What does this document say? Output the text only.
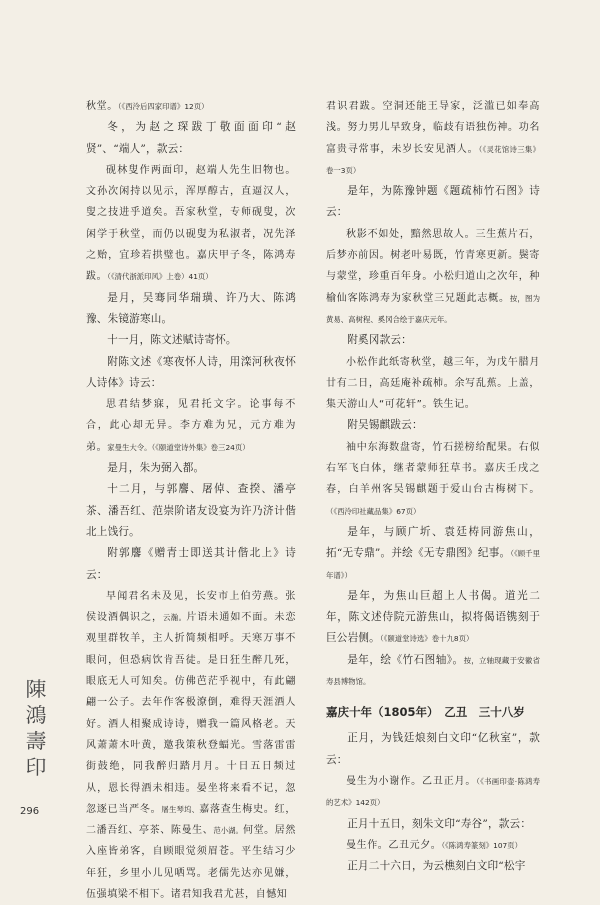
秋堂。（《西泠后四家印谱》12页）
冬，为赵之琛跋丁敬面面印“赵贤”、“端人”，款云：
砚林叟作两面印，赵端人先生旧物也。文孙次闲持以见示，浑厚醇古，直逼汉人，叟之技进乎道矣。吾家秋堂，专师砚叟，次闲学于秋堂，而仍以砚叟为私淑者，况先泽之贻，宜珍若拱璧也。嘉庆甲子冬，陈鸿寿跋。（《清代浙派印风》上卷）41页）
是月，吴骞同华瑞璜、许乃大、陈鸿豫、朱镜游寒山。
十一月，陈文述赋诗寄怀。
附陈文述《寒夜怀人诗，用滦河秋夜怀人诗体》诗云：
思君结梦寐，见君托文字。论事每不合，此心却无异。李方难为兄，元方难为弟。家曼生大令。（《颐道堂诗外集》卷三24页）
是月，朱为弼入都。
十二月，与郭麐、屠倬、查揆、潘亭茶、潘吾红、范崇阶诸友设宴为许乃济计偕北上饯行。
附郭麐《赠青士即送其计偕北上》诗云：
早闻君名未及见，长安市上伯劳燕。张侯设酒偶识之，云瀚。片语未通如不面。未恋观里群牧羊，主人折简频相呼。天寒万事不眼问，但恐病饮肯吾徒。是日狂生醉几死，眼底无人可知矣。仿佛芭茫乎视中，有此翩翩一公子。去年作客极潦倒，难得天涯酒人好。酒人相聚成诗诗，赠我一篇风格老。天风萧萧木叶黄，邀我策秋登蝠光。雪落雷雷街鼓绝，同我醉归踏月月。十日五日频过从，恩长得酒未相违。晏坐将来看不记，忽忽逐已当严冬。屠生琴坞、嘉落查生梅史。红，二潘吾红、亭茶、陈曼生、范小湖。何堂。居然入座皆弟客，自顾眼觉须眉苍。平生结习少年狂，乡里小儿见哂骂。老儒先达亦见嫌，伍强填梁不相下。诸君知我君尤甚，自憾知
君识君跋。空洞还能王导家，泛滥已如奉高浅。努力男儿早致身，临歧有语独伤神。功名富贵寻常事，未岁长安见酒人。（《灵花馆诗三集》卷一3页）
是年，为陈豫钟题《题疏柿竹石图》诗云：
秋影不如处，黯然思故人。三生蕉片石，后梦亦前因。树老叶易既，竹青寒更新。鬓寄与蒙堂，珍重百年身。小松归道山之次年，种榆仙客陈鸿寿为家秋堂三兄题此志概。按，图为黄易、高树程、奚冈合绘于嘉庆元年。
附奚冈款云：
小松作此纸寄秋堂，越三年，为戊午腊月廿有二日，高廷庵补疏柿。余写乱蕉。上盖，集天游山人“可花轩”。铁生记。
附吴锡麒跋云：
袖中东海数盘寄，竹石搓榜给配果。右似右军飞白体，继者蒙师狂草书。嘉庆壬戌之春，白羊州客吴锡麒题于爱山台古梅树下。（《西泠印社藏品集》67页）
是年，与顾广圻、袁廷梼同游焦山，拓“无专鼎”。并绘《无专鼎图》纪事。（《顾千里年谱》）
是年，为焦山巨超上人书偈。道光二年，陈文述侍院元游焦山，拟将偈语镌刻于巨公岩侧。（《颐道堂诗选》卷十九8页）
是年，绘《竹石图轴》。按，立轴现藏于安徽省寿县博物馆。
嘉庆十年（1805年）　乙丑　三十八岁
正月，为钱廷烺刻白文印“亿秋室”，款云：
曼生为小谢作。乙丑正月。（《书画印壶·陈鸿寿的艺术》142页）
正月十五日，刻朱文印“寿谷”，款云：
曼生作。乙丑元夕。（《陈鸿寿篆刻》107页）
正月二十六日，为云樵刻白文印“松宇
陳
鴻
壽
印
296
